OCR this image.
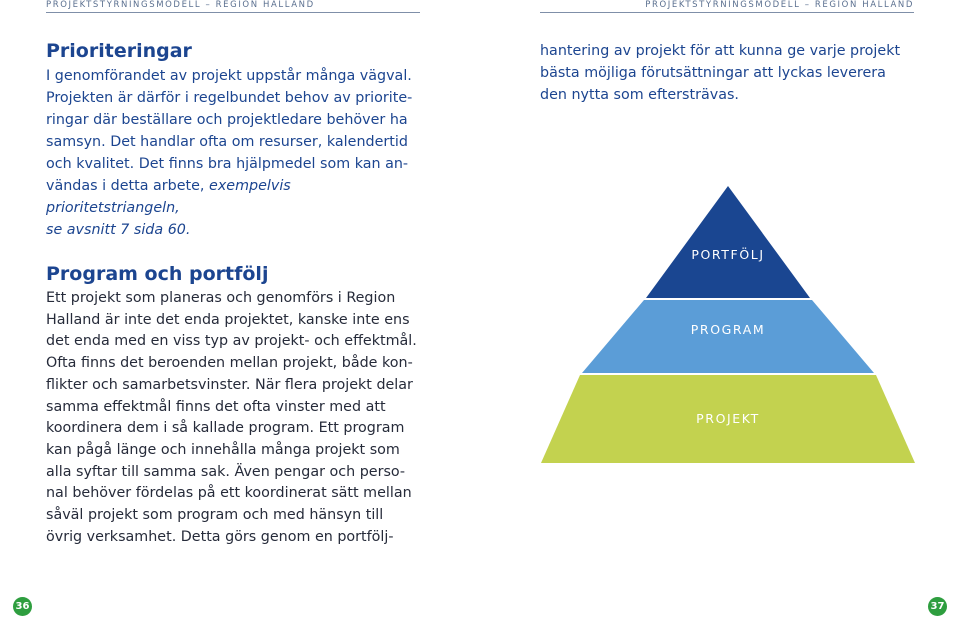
PROJEKTSTYRNINGSMODELL – REGION HALLAND	PROJEKTSTYRNINGSMODELL – REGION HALLAND
Prioriteringar
I genomförandet av projekt uppstår många vägval.
Projekten är därför i regelbundet behov av priorite-
ringar där beställare och projektledare behöver ha
samsyn. Det handlar ofta om resurser, kalendertid
och kvalitet. Det finns bra hjälpmedel som kan an-
vändas i detta arbete, exempelvis prioritetstriangeln,
se avsnitt 7 sida 60.
Program och portfölj
Ett projekt som planeras och genomförs i Region
Halland är inte det enda projektet, kanske inte ens
det enda med en viss typ av projekt- och effektmål.
Ofta finns det beroenden mellan projekt, både kon-
flikter och samarbetsvinster. När flera projekt delar
samma effektmål finns det ofta vinster med att
koordinera dem i så kallade program. Ett program
kan pågå länge och innehålla många projekt som
alla syftar till samma sak. Även pengar och perso-
nal behöver fördelas på ett koordinerat sätt mellan
såväl projekt som program och med hänsyn till
övrig verksamhet. Detta görs genom en portfölj-
hantering av projekt för att kunna ge varje projekt
bästa möjliga förutsättningar att lyckas leverera
den nytta som eftersträvas.
PORTFÖLJ
PROGRAM
PROJEKT
36	37
